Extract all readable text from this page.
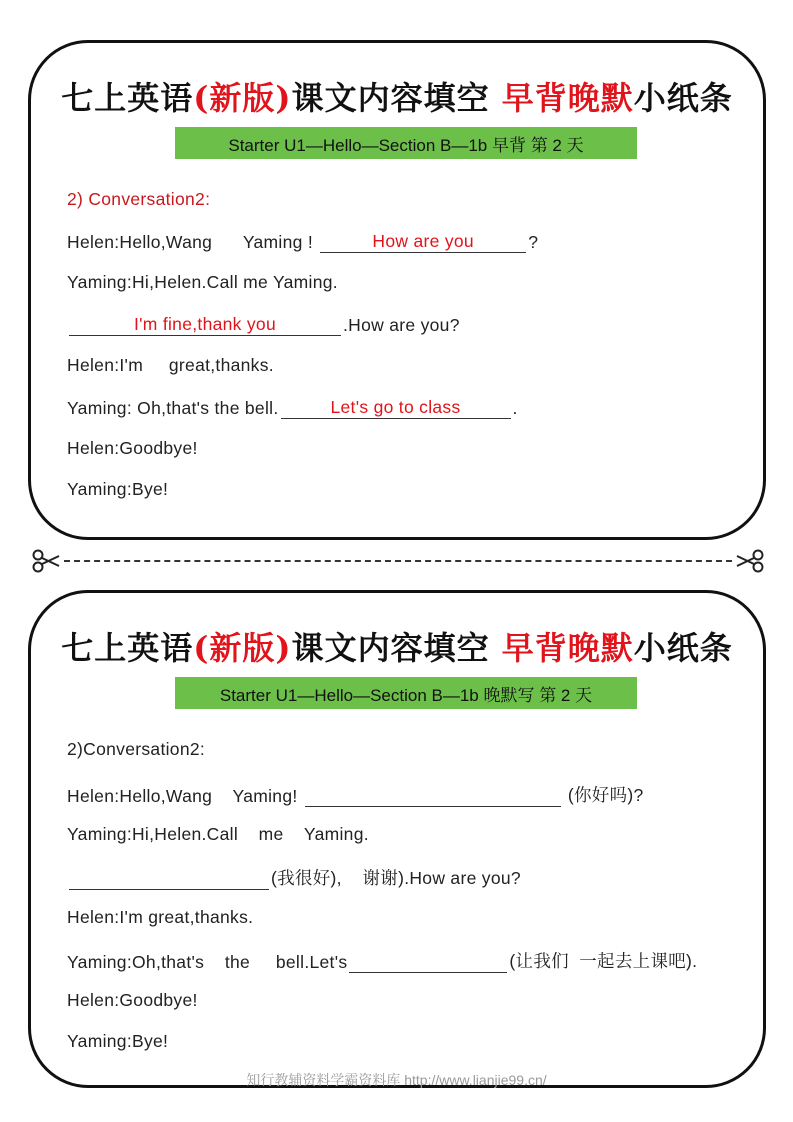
七上英语(新版)课文内容填空 早背晚默小纸条
Starter U1—Hello—Section B—1b 早背 第 2 天
2) Conversation2:
Helen:Hello,Wang      Yaming !	How are you	?
Yaming:Hi,Helen.Call me Yaming.
I'm fine,thank you	.How are you?
Helen:I'm     great,thanks.
Yaming: Oh,that's the bell.	Let's go to class	.
Helen:Goodbye!
Yaming:Bye!
七上英语(新版)课文内容填空 早背晚默小纸条
Starter U1—Hello—Section B—1b 晚默写 第 2 天
2)Conversation2:
Helen:Hello,Wang    Yaming!	(你好吗)?
Yaming:Hi,Helen.Call    me    Yaming.
(我很好),    谢谢).How are you?
Helen:I'm great,thanks.
Yaming:Oh,that's    the     bell.Let's	(让我们  一起去上课吧).
Helen:Goodbye!
Yaming:Bye!
知行教辅资料学霸资料库 http://www.lianjie99.cn/
